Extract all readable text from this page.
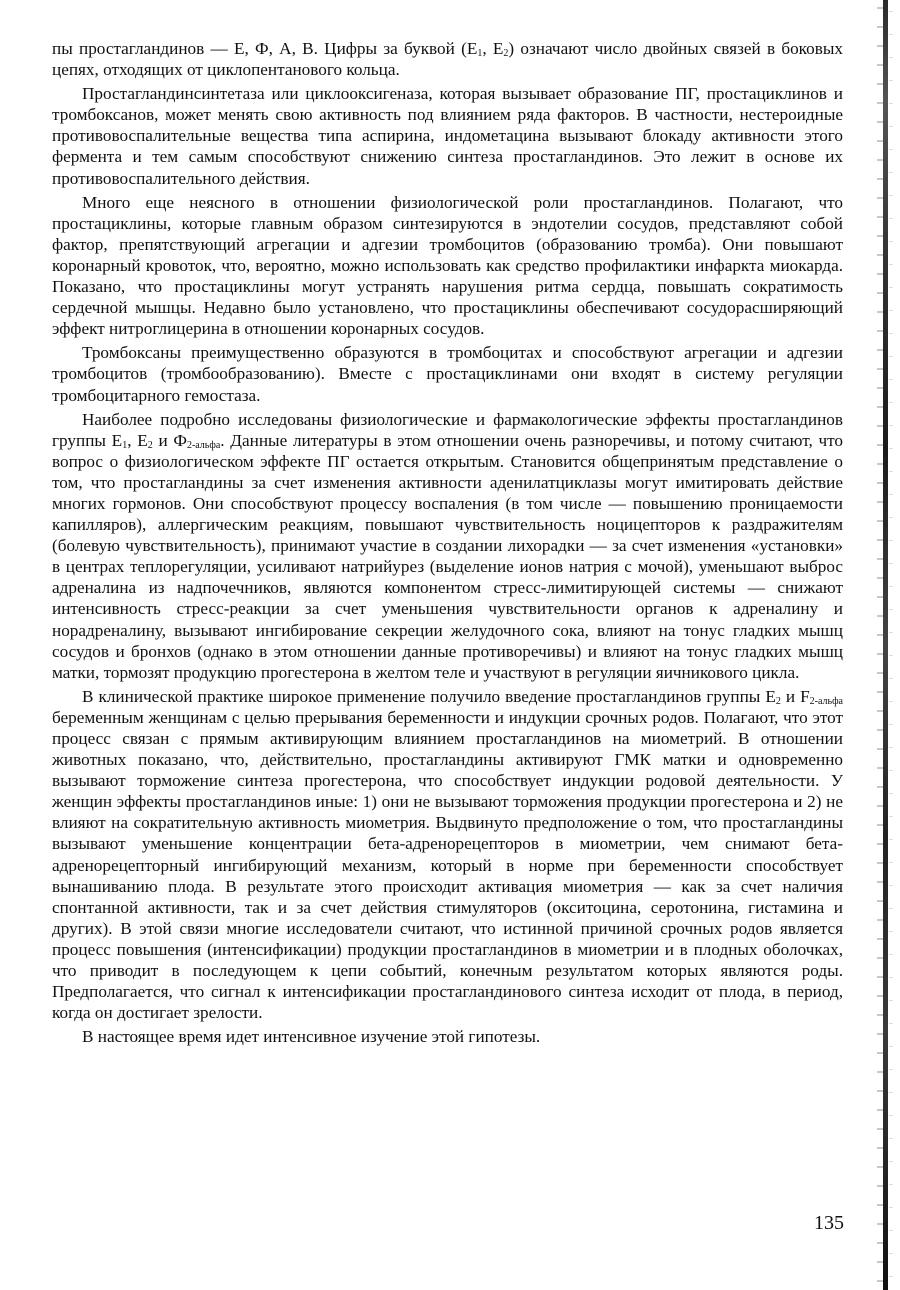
пы простагландинов — Е, Ф, А, В. Цифры за буквой ($Е_1$, $Е_2$) означают число двойных связей в боковых цепях, отходящих от циклопентанового кольца.

Простагландинсинтетаза или циклооксигеназа, которая вызывает образование ПГ, простациклинов и тромбоксанов, может менять свою активность под влиянием ряда факторов. В частности, нестероидные противовоспалительные вещества типа аспирина, индометацина вызывают блокаду активности этого фермента и тем самым способствуют снижению синтеза простагландинов. Это лежит в основе их противовоспалительного действия.

Много еще неясного в отношении физиологической роли простагландинов. Полагают, что простациклины, которые главным образом синтезируются в эндотелии сосудов, представляют собой фактор, препятствующий агрегации и адгезии тромбоцитов (образованию тромба). Они повышают коронарный кровоток, что, вероятно, можно использовать как средство профилактики инфаркта миокарда. Показано, что простациклины могут устранять нарушения ритма сердца, повышать сократимость сердечной мышцы. Недавно было установлено, что простациклины обеспечивают сосудорасширяющий эффект нитроглицерина в отношении коронарных сосудов.

Тромбоксаны преимущественно образуются в тромбоцитах и способствуют агрегации и адгезии тромбоцитов (тромбообразованию). Вместе с простациклинами они входят в систему регуляции тромбоцитарного гемостаза.

Наиболее подробно исследованы физиологические и фармакологические эффекты простагландинов группы $Е_1$, $Е_2$ и $Ф_{2-альфа}$. Данные литературы в этом отношении очень разноречивы, и потому считают, что вопрос о физиологическом эффекте ПГ остается открытым. Становится общепринятым представление о том, что простагландины за счет изменения активности аденилатциклазы могут имитировать действие многих гормонов. Они способствуют процессу воспаления (в том числе — повышению проницаемости капилляров), аллергическим реакциям, повышают чувствительность ноцицепторов к раздражителям (болевую чувствительность), принимают участие в создании лихорадки — за счет изменения «установки» в центрах теплорегуляции, усиливают натрийурез (выделение ионов натрия с мочой), уменьшают выброс адреналина из надпочечников, являются компонентом стресс-лимитирующей системы — снижают интенсивность стресс-реакции за счет уменьшения чувствительности органов к адреналину и норадреналину, вызывают ингибирование секреции желудочного сока, влияют на тонус гладких мышц сосудов и бронхов (однако в этом отношении данные противоречивы) и влияют на тонус гладких мышц матки, тормозят продукцию прогестерона в желтом теле и участвуют в регуляции яичникового цикла.

В клинической практике широкое применение получило введение простагландинов группы $Е_2$ и $F_{2-альфа}$ беременным женщинам с целью прерывания беременности и индукции срочных родов. Полагают, что этот процесс связан с прямым активирующим влиянием простагландинов на миометрий. В отношении животных показано, что, действительно, простагландины активируют ГМК матки и одновременно вызывают торможение синтеза прогестерона, что способствует индукции родовой деятельности. У женщин эффекты простагландинов иные: 1) они не вызывают торможения продукции прогестерона и 2) не влияют на сократительную активность миометрия. Выдвинуто предположение о том, что простагландины вызывают уменьшение концентрации бета-адренорецепторов в миометрии, чем снимают бета-адренорецепторный ингибирующий механизм, который в норме при беременности способствует вынашиванию плода. В результате этого происходит активация миометрия — как за счет наличия спонтанной активности, так и за счет действия стимуляторов (окситоцина, серотонина, гистамина и других). В этой связи многие исследователи считают, что истинной причиной срочных родов является процесс повышения (интенсификации) продукции простагландинов в миометрии и в плодных оболочках, что приводит в последующем к цепи событий, конечным результатом которых являются роды. Предполагается, что сигнал к интенсификации простагландинового синтеза исходит от плода, в период, когда он достигает зрелости.

В настоящее время идет интенсивное изучение этой гипотезы.

135
